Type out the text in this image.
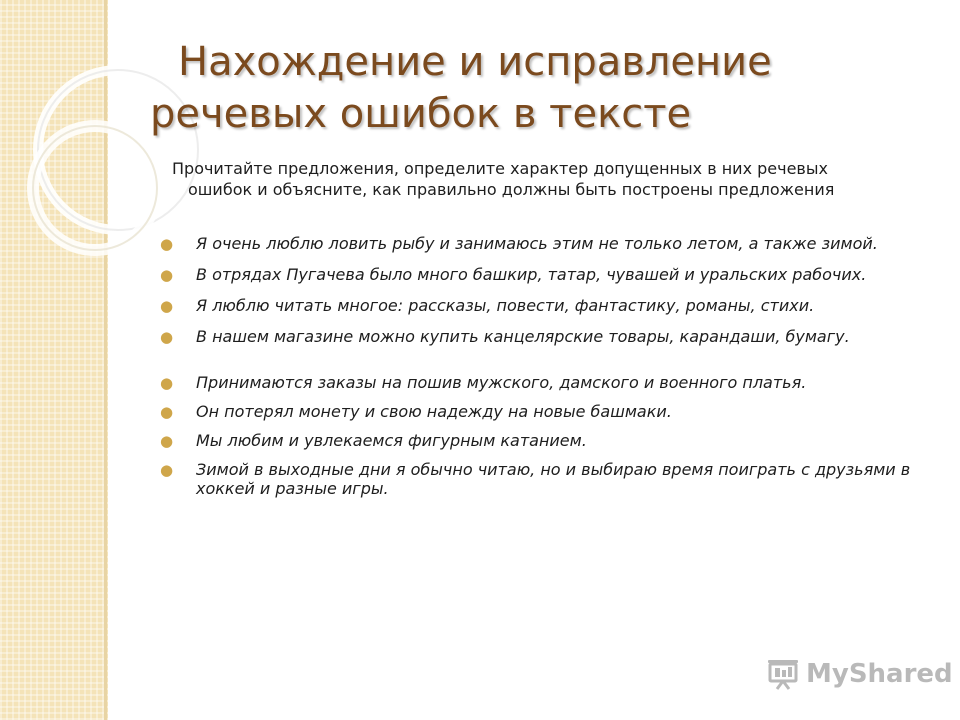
Нахождение и исправление
речевых ошибок в тексте

Прочитайте предложения, определите характер допущенных в них речевых
ошибок и объясните, как правильно должны быть построены предложения

● Я очень люблю ловить рыбу и занимаюсь этим не только летом, а также зимой.
● В отрядах Пугачева было много башкир, татар, чувашей и уральских рабочих.
● Я люблю читать многое: рассказы, повести, фантастику, романы, стихи.
● В нашем магазине можно купить канцелярские товары, карандаши, бумагу.
● Принимаются заказы на пошив мужского, дамского и военного платья.
● Он потерял монету и свою надежду на новые башмаки.
● Мы любим и увлекаемся фигурным катанием.
● Зимой в выходные дни я обычно читаю, но и выбираю время поиграть с друзьями в хоккей и разные игры.
MyShared
